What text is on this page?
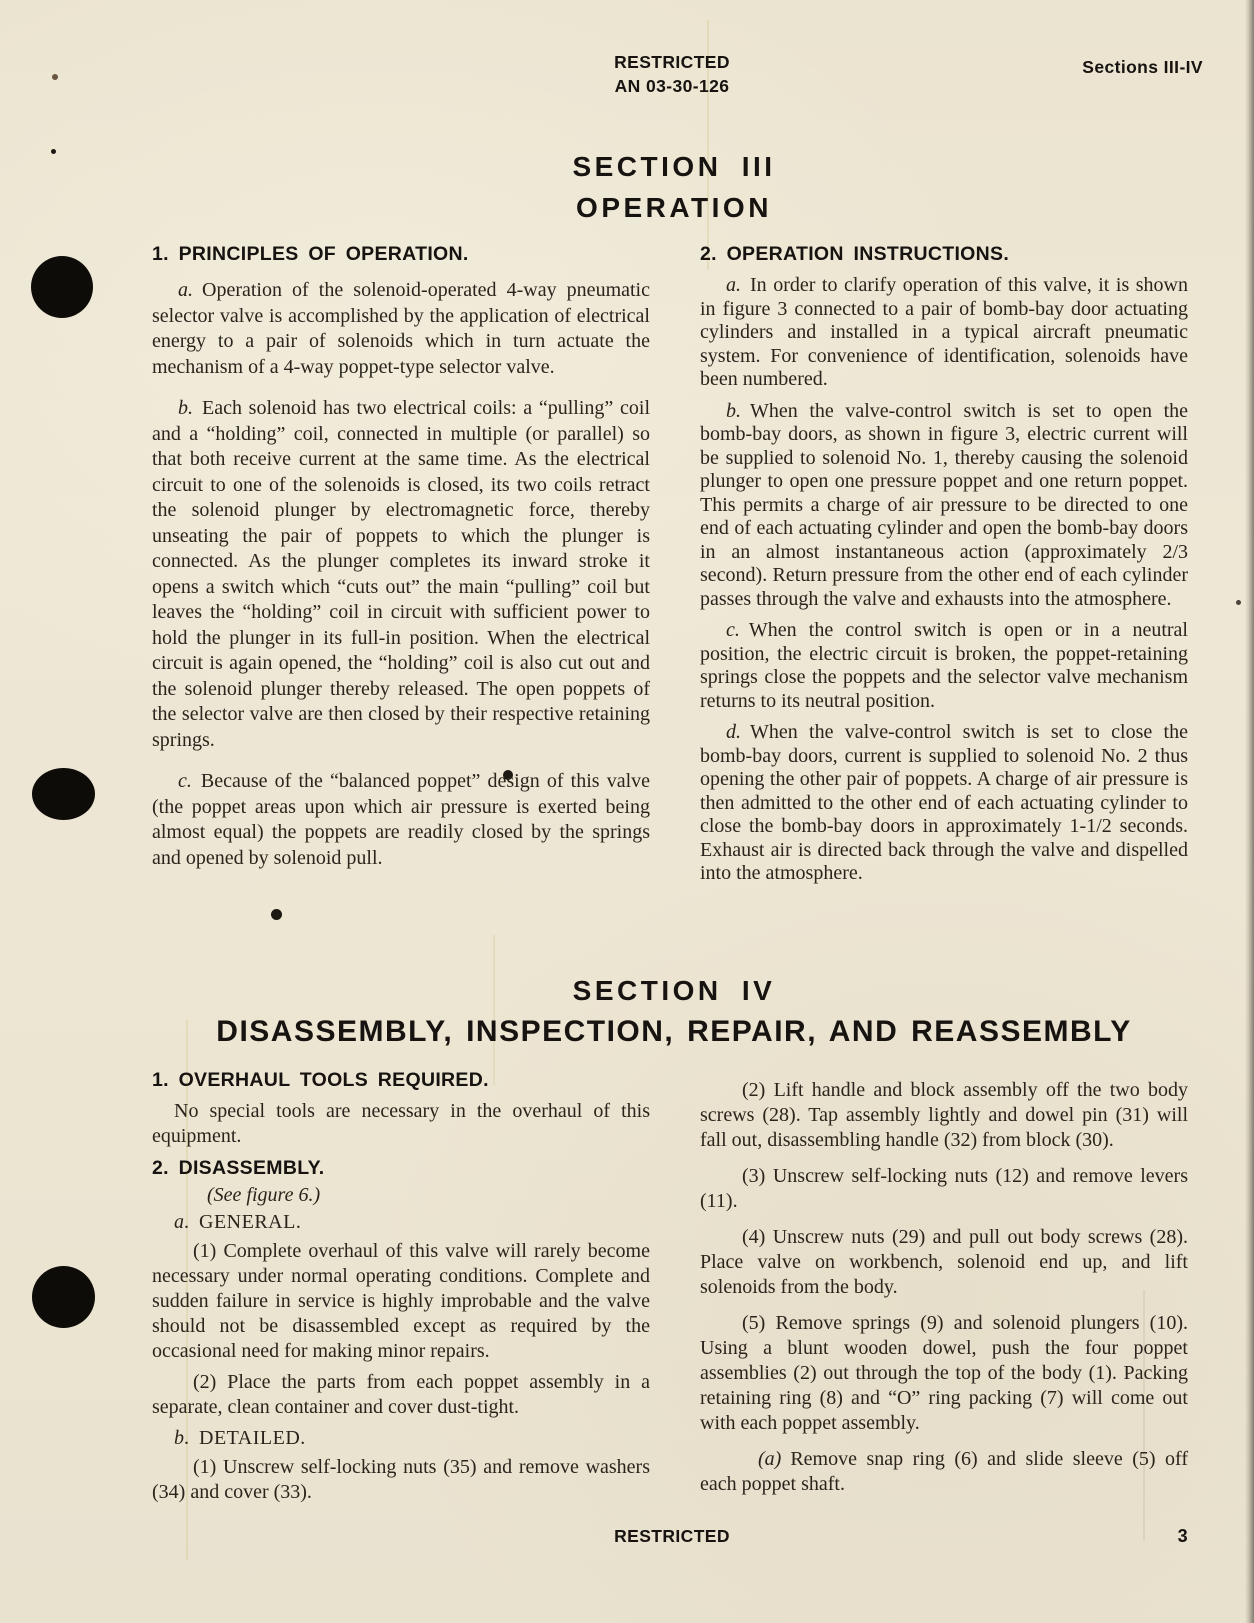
RESTRICTED
AN 03-30-126
Sections III-IV
SECTION III
OPERATION
1. PRINCIPLES OF OPERATION.

a. Operation of the solenoid-operated 4-way pneumatic selector valve is accomplished by the application of electrical energy to a pair of solenoids which in turn actuate the mechanism of a 4-way poppet-type selector valve.

b. Each solenoid has two electrical coils: a “pulling” coil and a “holding” coil, connected in multiple (or parallel) so that both receive current at the same time. As the electrical circuit to one of the solenoids is closed, its two coils retract the solenoid plunger by electromagnetic force, thereby unseating the pair of poppets to which the plunger is connected. As the plunger completes its inward stroke it opens a switch which “cuts out” the main “pulling” coil but leaves the “holding” coil in circuit with sufficient power to hold the plunger in its full-in position. When the electrical circuit is again opened, the “holding” coil is also cut out and the solenoid plunger thereby released. The open poppets of the selector valve are then closed by their respective retaining springs.

c. Because of the “balanced poppet” design of this valve (the poppet areas upon which air pressure is exerted being almost equal) the poppets are readily closed by the springs and opened by solenoid pull.

2. OPERATION INSTRUCTIONS.

a. In order to clarify operation of this valve, it is shown in figure 3 connected to a pair of bomb-bay door actuating cylinders and installed in a typical aircraft pneumatic system. For convenience of identification, solenoids have been numbered.

b. When the valve-control switch is set to open the bomb-bay doors, as shown in figure 3, electric current will be supplied to solenoid No. 1, thereby causing the solenoid plunger to open one pressure poppet and one return poppet. This permits a charge of air pressure to be directed to one end of each actuating cylinder and open the bomb-bay doors in an almost instantaneous action (approximately 2/3 second). Return pressure from the other end of each cylinder passes through the valve and exhausts into the atmosphere.

c. When the control switch is open or in a neutral position, the electric circuit is broken, the poppet-retaining springs close the poppets and the selector valve mechanism returns to its neutral position.

d. When the valve-control switch is set to close the bomb-bay doors, current is supplied to solenoid No. 2 thus opening the other pair of poppets. A charge of air pressure is then admitted to the other end of each actuating cylinder to close the bomb-bay doors in approximately 1-1/2 seconds. Exhaust air is directed back through the valve and dispelled into the atmosphere.

SECTION IV
DISASSEMBLY, INSPECTION, REPAIR, AND REASSEMBLY
1. OVERHAUL TOOLS REQUIRED.

No special tools are necessary in the overhaul of this equipment.

2. DISASSEMBLY.

(See figure 6.)

a. GENERAL.

(1) Complete overhaul of this valve will rarely become necessary under normal operating conditions. Complete and sudden failure in service is highly improbable and the valve should not be disassembled except as required by the occasional need for making minor repairs.

(2) Place the parts from each poppet assembly in a separate, clean container and cover dust-tight.

b. DETAILED.

(1) Unscrew self-locking nuts (35) and remove washers (34) and cover (33).

(2) Lift handle and block assembly off the two body screws (28). Tap assembly lightly and dowel pin (31) will fall out, disassembling handle (32) from block (30).

(3) Unscrew self-locking nuts (12) and remove levers (11).

(4) Unscrew nuts (29) and pull out body screws (28). Place valve on workbench, solenoid end up, and lift solenoids from the body.

(5) Remove springs (9) and solenoid plungers (10). Using a blunt wooden dowel, push the four poppet assemblies (2) out through the top of the body (1). Packing retaining ring (8) and “O” ring packing (7) will come out with each poppet assembly.

(a) Remove snap ring (6) and slide sleeve (5) off each poppet shaft.

RESTRICTED	3
